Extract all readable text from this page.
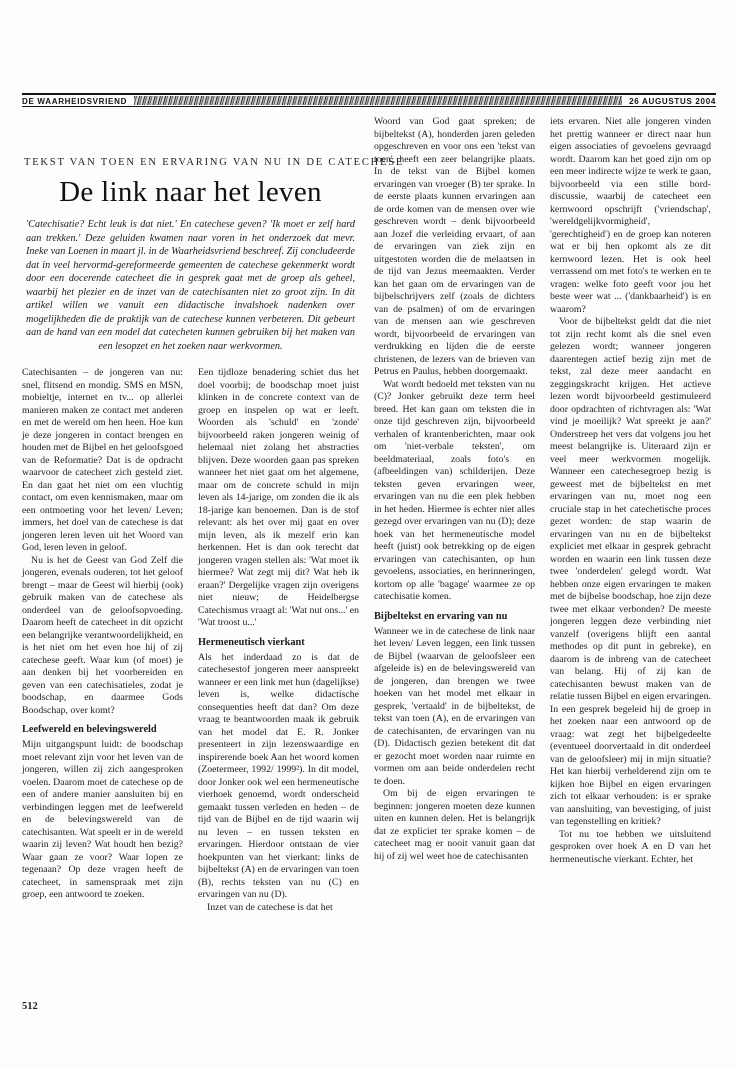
DE WAARHEIDSVRIEND	26 AUGUSTUS 2004
TEKST VAN TOEN EN ERVARING VAN NU IN DE CATECHESE
De link naar het leven

'Catechisatie? Echt leuk is dat niet.' En catechese geven? 'Ik moet er zelf hard aan trekken.' Deze geluiden kwamen naar voren in het onderzoek dat mevr. Ineke van Loenen in maart jl. in de Waarheidsvriend beschreef. Zij concludeerde dat in veel hervormd-gereformeerde gemeenten de catechese gekenmerkt wordt door een docerende catecheet die in gesprek gaat met de groep als geheel, waarbij het plezier en de inzet van de catechisanten niet zo groot zijn. In dit artikel willen we vanuit een didactische invalshoek nadenken over mogelijkheden die de praktijk van de catechese kunnen verbeteren. Dit gebeurt aan de hand van een model dat catecheten kunnen gebruiken bij het maken van een lesopzet en het zoeken naar werkvormen.

Catechisanten – de jongeren van nu: snel, flitsend en mondig. SMS en MSN, mobieltje, internet en tv... op allerlei manieren maken ze contact met anderen en met de wereld om hen heen. Hoe kun je deze jongeren in contact brengen en houden met de Bijbel en het geloofsgoed van de Reformatie? Dat is de opdracht waarvoor de catecheet zich gesteld ziet. En dan gaat het niet om een vluchtig contact, om even kennismaken, maar om een ontmoeting voor het leven/ Leven; immers, het doel van de catechese is dat jongeren leren leven uit het Woord van God, leren leven in geloof.

Nu is het de Geest van God Zelf die jongeren, evenals ouderen, tot het geloof brengt – maar de Geest wil hierbij (ook) gebruik maken van de catechese als onderdeel van de geloofsopvoeding. Daarom heeft de catecheet in dit opzicht een belangrijke verantwoordelijkheid, en is het niet om het even hoe hij of zij catechese geeft. Waar kun (of moet) je aan denken bij het voorbereiden en geven van een catechisatieles, zodat je boodschap, en daarmee Gods Boodschap, over komt?

Leefwereld en belevingswereld

Mijn uitgangspunt luidt: de boodschap moet relevant zijn voor het leven van de jongeren, willen zij zich aangesproken voelen. Daarom moet de catechese op de een of andere manier aansluiten bij en verbindingen leggen met de leefwereld en de belevingswereld van de catechisanten. Wat speelt er in de wereld waarin zij leven? Wat houdt hen bezig? Waar gaan ze voor? Waar lopen ze tegenaan? Op deze vragen heeft de catecheet, in samenspraak met zijn groep, een antwoord te zoeken.

Een tijdloze benadering schiet dus het doel voorbij; de boodschap moet juist klinken in de concrete context van de groep en inspelen op wat er leeft. Woorden als 'schuld' en 'zonde' bijvoorbeeld raken jongeren weinig of helemaal niet zolang het abstracties blijven. Deze woorden gaan pas spreken wanneer het niet gaat om het algemene, maar om de concrete schuld in mijn leven als 14-jarige, om zonden die ik als 18-jarige kan benoemen. Dan is de stof relevant: als het over mij gaat en over mijn leven, als ik mezelf erin kan herkennen. Het is dan ook terecht dat jongeren vragen stellen als: 'Wat moet ik hiermee? Wat zegt mij dit? Wat heb ik eraan?' Dergelijke vragen zijn overigens niet nieuw; de Heidelbergse Catechismus vraagt al: 'Wat nut ons...' en 'Wat troost u...'

Hermeneutisch vierkant

Als het inderdaad zo is dat de catechesestof jongeren meer aanspreekt wanneer er een link met hun (dagelijkse) leven is, welke didactische consequenties heeft dat dan? Om deze vraag te beantwoorden maak ik gebruik van het model dat E. R. Jonker presenteert in zijn lezenswaardige en inspirerende boek Aan het woord komen (Zoetermeer, 1992/ 1999²). In dit model, door Jonker ook wel een hermeneutische vierhoek genoemd, wordt onderscheid gemaakt tussen verleden en heden – de tijd van de Bijbel en de tijd waarin wij nu leven – en tussen teksten en ervaringen. Hierdoor ontstaan de vier hoekpunten van het vierkant: links de bijbeltekst (A) en de ervaringen van toen (B), rechts teksten van nu (C) en ervaringen van nu (D).

Inzet van de catechese is dat het

Woord van God gaat spreken; de bijbeltekst (A), honderden jaren geleden opgeschreven en voor ons een 'tekst van toen', heeft een zeer belangrijke plaats. In de tekst van de Bijbel komen ervaringen van vroeger (B) ter sprake. In de eerste plaats kunnen ervaringen aan de orde komen van de mensen over wie geschreven wordt – denk bijvoorbeeld aan Jozef die verleiding ervaart, of aan de ervaringen van ziek zijn en uitgestoten worden die de melaatsen in de tijd van Jezus meemaakten. Verder kan het gaan om de ervaringen van de bijbelschrijvers zelf (zoals de dichters van de psalmen) of om de ervaringen van de mensen aan wie geschreven wordt, bijvoorbeeld de ervaringen van verdrukking en lijden die de eerste christenen, de lezers van de brieven van Petrus en Paulus, hebben doorgemaakt.

Wat wordt bedoeld met teksten van nu (C)? Jonker gebruikt deze term heel breed. Het kan gaan om teksten die in onze tijd geschreven zijn, bijvoorbeeld verhalen of krantenberichten, maar ook om 'niet-verbale teksten', om beeldmateriaal, zoals foto's en (afbeeldingen van) schilderijen. Deze teksten geven ervaringen weer, ervaringen van nu die een plek hebben in het heden. Hiermee is echter niet alles gezegd over ervaringen van nu (D); deze hoek van het hermeneutische model heeft (juist) ook betrekking op de eigen ervaringen van catechisanten, op hun gevoelens, associaties, en herinneringen, kortom op alle 'bagage' waarmee ze op catechisatie komen.

Bijbeltekst en ervaring van nu

Wanneer we in de catechese de link naar het leven/ Leven leggen, een link tussen de Bijbel (waarvan de geloofsleer een afgeleide is) en de belevingswereld van de jongeren, dan brengen we twee hoeken van het model met elkaar in gesprek, 'vertaald' in de bijbeltekst, de tekst van toen (A), en de ervaringen van de catechisanten, de ervaringen van nu (D). Didactisch gezien betekent dit dat er gezocht moet worden naar ruimte en vormen om aan beide onderdelen recht te doen.

Om bij de eigen ervaringen te beginnen: jongeren moeten deze kunnen uiten en kunnen delen. Het is belangrijk dat ze expliciet ter sprake komen – de catecheet mag er nooit vanuit gaan dat hij of zij wel weet hoe de catechisanten

iets ervaren. Niet alle jongeren vinden het prettig wanneer er direct naar hun eigen associaties of gevoelens gevraagd wordt. Daarom kan het goed zijn om op een meer indirecte wijze te werk te gaan, bijvoorbeeld via een stille bord-discussie, waarbij de catecheet een kernwoord opschrijft ('vriendschap', 'wereldgelijkvormigheid', 'gerechtigheid') en de groep kan noteren wat er bij hen opkomt als ze dit kernwoord lezen. Het is ook heel verrassend om met foto's te werken en te vragen: welke foto geeft voor jou het beste weer wat ... ('dankbaarheid') is en waarom?

Voor de bijbeltekst geldt dat die niet tot zijn recht komt als die snel even gelezen wordt; wanneer jongeren daarentegen actief bezig zijn met de tekst, zal deze meer aandacht en zeggingskracht krijgen. Het actieve lezen wordt bijvoorbeeld gestimuleerd door opdrachten of richtvragen als: 'Wat vind je moeilijk? Wat spreekt je aan?' Onderstreep het vers dat volgens jou het meest belangrijke is. Uiteraard zijn er veel meer werkvormen mogelijk. Wanneer een catechesegroep bezig is geweest met de bijbeltekst en met ervaringen van nu, moet nog een cruciale stap in het catechetische proces gezet worden: de stap waarin de ervaringen van nu en de bijbeltekst expliciet met elkaar in gesprek gebracht worden en waarin een link tussen deze twee 'onderdelen' gelegd wordt. Wat hebben onze eigen ervaringen te maken met de bijbelse boodschap, hoe zijn deze twee met elkaar verbonden? De meeste jongeren leggen deze verbinding niet vanzelf (overigens blijft een aantal methodes op dit punt in gebreke), en daarom is de inbreng van de catecheet van belang. Hij of zij kan de catechisanten bewust maken van de relatie tussen Bijbel en eigen ervaringen. In een gesprek begeleid hij de groep in het zoeken naar een antwoord op de vraag: wat zegt het bijbelgedeelte (eventueel doorvertaald in dit onderdeel van de geloofsleer) mij in mijn situatie? Het kan hierbij verhelderend zijn om te kijken hoe Bijbel en eigen ervaringen zich tot elkaar verhouden: is er sprake van aansluiting, van bevestiging, of juist van tegenstelling en kritiek?

Tot nu toe hebben we uitsluitend gesproken over hoek A en D van het hermeneutische vierkant. Echter, het

512
